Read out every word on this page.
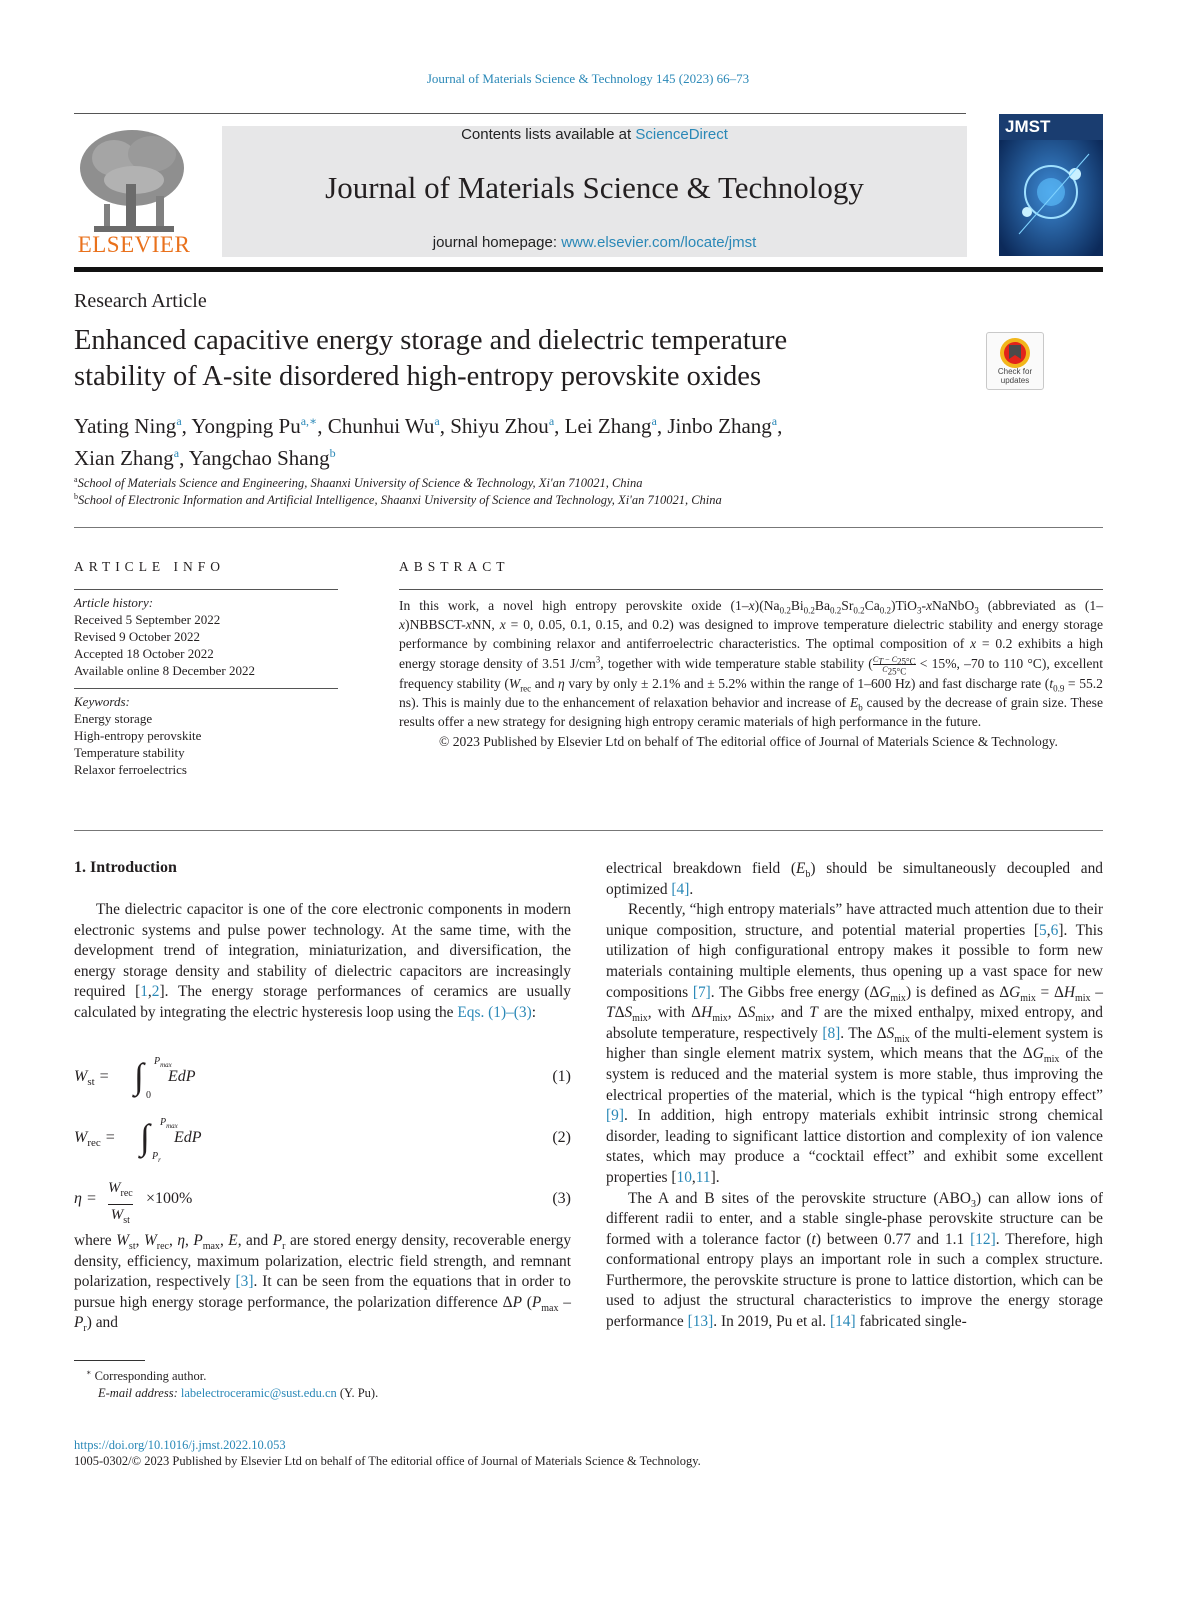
Journal of Materials Science & Technology 145 (2023) 66–73
ELSEVIER
Contents lists available at ScienceDirect
Journal of Materials Science & Technology
journal homepage: www.elsevier.com/locate/jmst
JMST
Research Article
Enhanced capacitive energy storage and dielectric temperature
stability of A-site disordered high-entropy perovskite oxides	Check for updates
Yating Ning$^a$, Yongping $Pu^{a,∗}$, Chunhui Wu$^a$, Shiyu Zhou$^a$, Lei Zhang$^a$, Jinbo Zhang$^a$,
Xian Zhang$^a$, Yangchao Shang$^b$
$^a$School of Materials Science and Engineering, Shaanxi University of Science & Technology, Xi'an 710021, China
$^b$School of Electronic Information and Artificial Intelligence, Shaanxi University of Science and Technology, Xi'an 710021, China
ARTICLE INFO
Article history:
Received 5 September 2022
Revised 9 October 2022
Accepted 18 October 2022
Available online 8 December 2022
Keywords:
Energy storage
High-entropy perovskite
Temperature stability
Relaxor ferroelectrics
ABSTRACT
In this work, a novel high entropy perovskite oxide $(1-x)(Na_{0.2}Bi_{0.2}Ba_{0.2}Sr_{0.2}Ca_{0.2})TiO_3-xNaNbO_3$ (abbreviated as (1–x)NBBSCT-xNN, x = 0, 0.05, 0.1, 0.15, and 0.2) was designed to improve temperature dielectric stability and energy storage performance by combining relaxor and antiferroelectric characteristics. The optimal composition of x = 0.2 exhibits a high energy storage density of 3.51 $J/cm^3$, together with wide temperature stable stability ( $\frac{C_T - C_{25^\circ C}}{C_{25^\circ C}} < 15\%$, –70 to 110 °C), excellent frequency stability ($W_{rec}$ and η vary by only ± 2.1% and ± 5.2% within the range of 1–600 Hz) and fast discharge rate ($t_{0.9} = 55.2$ ns). This is mainly due to the enhancement of relaxation behavior and increase of $E_b$ caused by the decrease of grain size. These results offer a new strategy for designing high entropy ceramic materials of high performance in the future.
© 2023 Published by Elsevier Ltd on behalf of The editorial office of Journal of Materials Science & Technology.
1. Introduction

The dielectric capacitor is one of the core electronic components in modern electronic systems and pulse power technology. At the same time, with the development trend of integration, miniaturization, and diversification, the energy storage density and stability of dielectric capacitors are increasingly required [1,2]. The energy storage performances of ceramics are usually calculated by integrating the electric hysteresis loop using the Eqs. (1)–(3):

$W_{st}$ = ∫ $P_{max}$
0
EdP	(1)
$W_{rec}$ = ∫ $P_{max}$
$P_r$
EdP	(2)
η =
$W_{rec}$
$W_{st}$
×100%	(3)

where $W_{st}$, $W_{rec}$, η, $P_{max}$, E, and $P_r$ are stored energy density, recoverable energy density, efficiency, maximum polarization, electric field strength, and remnant polarization, respectively [3]. It can be seen from the equations that in order to pursue high energy storage performance, the polarization difference ΔP $(P_{max} - P_r)$ and

∗ Corresponding author.
E-mail address: labelectroceramic@sust.edu.cn (Y. Pu).

electrical breakdown field $(E_b)$ should be simultaneously decoupled and optimized [4].

Recently, “high entropy materials” have attracted much attention due to their unique composition, structure, and potential material properties [5,6]. This utilization of high configurational entropy makes it possible to form new materials containing multiple elements, thus opening up a vast space for new compositions [7]. The Gibbs free energy $(\Delta G_{mix})$ is defined as $\Delta G_{mix} = \Delta H_{mix} - T\Delta S_{mix}$, with $\Delta H_{mix}$, $\Delta S_{mix}$, and T are the mixed enthalpy, mixed entropy, and absolute temperature, respectively [8]. The $\Delta S_{mix}$ of the multi-element system is higher than single element matrix system, which means that the $\Delta G_{mix}$ of the system is reduced and the material system is more stable, thus improving the electrical properties of the material, which is the typical “high entropy effect” [9]. In addition, high entropy materials exhibit intrinsic strong chemical disorder, leading to significant lattice distortion and complexity of ion valence states, which may produce a “cocktail effect” and exhibit some excellent properties [10,11].

The A and B sites of the perovskite structure $(ABO_3)$ can allow ions of different radii to enter, and a stable single-phase perovskite structure can be formed with a tolerance factor (t) between 0.77 and 1.1 [12]. Therefore, high conformational entropy plays an important role in such a complex structure. Furthermore, the perovskite structure is prone to lattice distortion, which can be used to adjust the structural characteristics to improve the energy storage performance [13]. In 2019, Pu et al. [14] fabricated single-

https://doi.org/10.1016/j.jmst.2022.10.053
1005-0302/© 2023 Published by Elsevier Ltd on behalf of The editorial office of Journal of Materials Science & Technology.
